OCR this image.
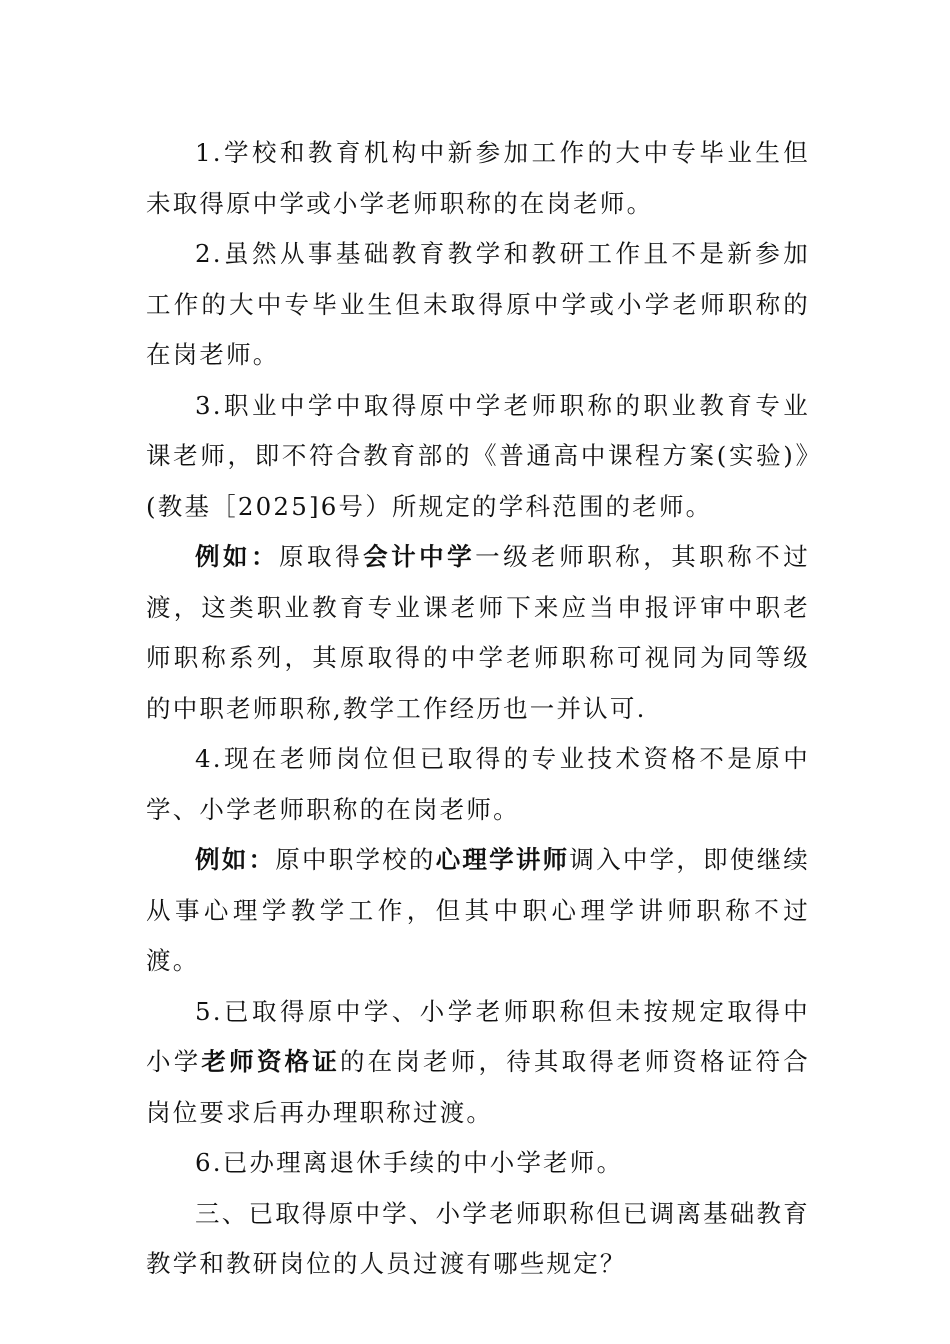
1.学校和教育机构中新参加工作的大中专毕业生但未取得原中学或小学老师职称的在岗老师。

2.虽然从事基础教育教学和教研工作且不是新参加工作的大中专毕业生但未取得原中学或小学老师职称的在岗老师。

3.职业中学中取得原中学老师职称的职业教育专业课老师，即不符合教育部的《普通高中课程方案(实验)》(教基［2025]6号）所规定的学科范围的老师。

例如：原取得会计中学一级老师职称，其职称不过渡，这类职业教育专业课老师下来应当申报评审中职老师职称系列，其原取得的中学老师职称可视同为同等级的中职老师职称,教学工作经历也一并认可.

4.现在老师岗位但已取得的专业技术资格不是原中学、小学老师职称的在岗老师。

例如：原中职学校的心理学讲师调入中学，即使继续从事心理学教学工作，但其中职心理学讲师职称不过渡。

5.已取得原中学、小学老师职称但未按规定取得中小学老师资格证的在岗老师，待其取得老师资格证符合岗位要求后再办理职称过渡。

6.已办理离退休手续的中小学老师。

三、已取得原中学、小学老师职称但已调离基础教育教学和教研岗位的人员过渡有哪些规定？
